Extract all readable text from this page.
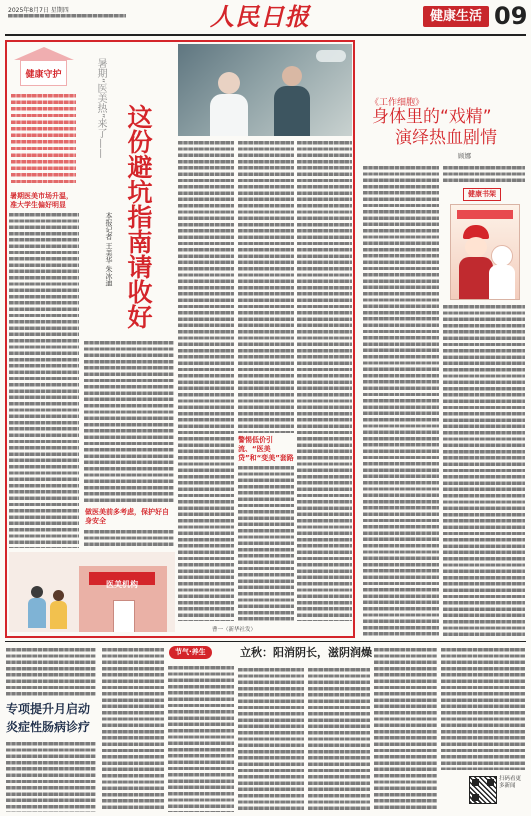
2025年8月7日 星期四	人民日报	健康生活 09
健康守护
暑期医美市场升温，准大学生偏好明显
暑期“医美热”来了—— 这份避坑指南请收好
本报记者 王美华 朱冰迪
做医美前多考虑，保护好自身安全
警惕低价引流、“医美贷”和“变美”套路
医美机构
曹一（新华社发）
《工作细胞》
身体里的“戏精”
演绎热血剧情
顾娜
健康书架
专项提升月启动
炎症性肠病诊疗
节气·养生	立秋：阳消阴长，滋阴润燥
扫码看更多新闻
